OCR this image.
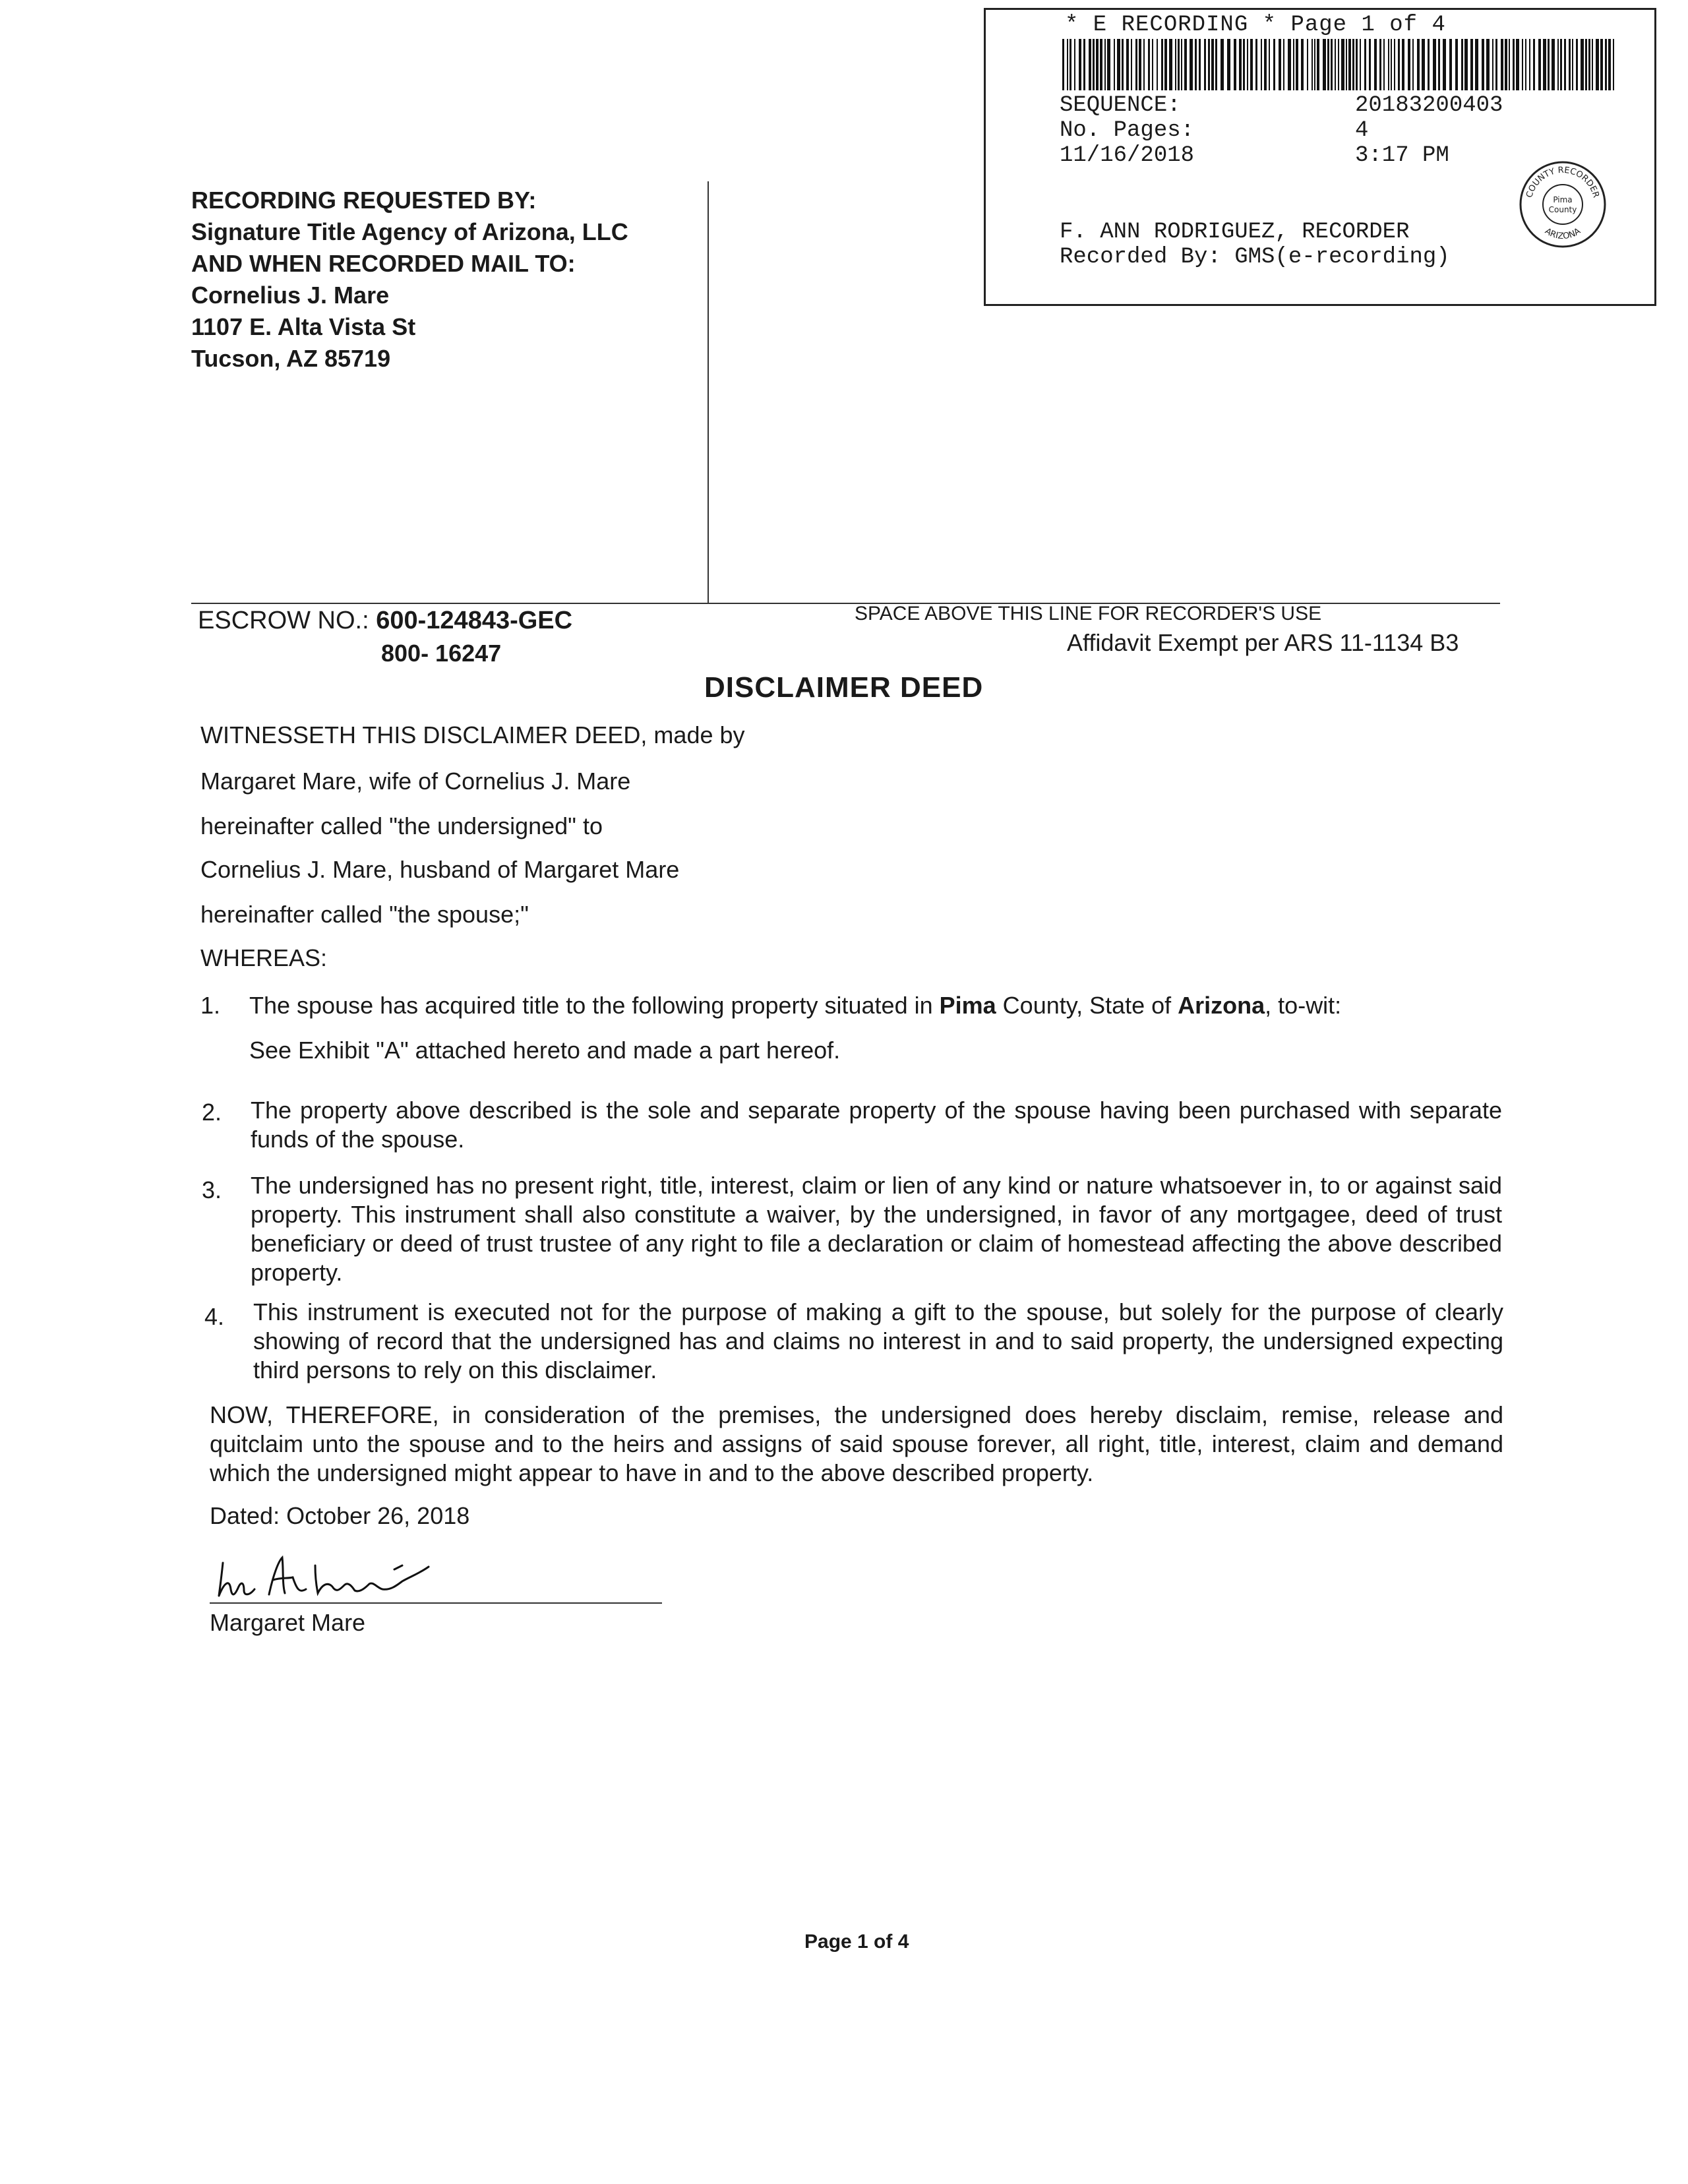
* E RECORDING * Page 1 of 4
SEQUENCE:	20183200403
No. Pages:	4
11/16/2018	3:17 PM
F. ANN RODRIGUEZ, RECORDER
Recorded By: GMS(e-recording)
COUNTY RECORDER
ARIZONA
Pima
County
RECORDING REQUESTED BY:
Signature Title Agency of Arizona, LLC
AND WHEN RECORDED MAIL TO:
Cornelius J. Mare
1107 E. Alta Vista St
Tucson, AZ 85719
ESCROW NO.: 600-124843-GEC
800- 16247
SPACE ABOVE THIS LINE FOR RECORDER'S USE
Affidavit Exempt per ARS 11-1134 B3
DISCLAIMER DEED
WITNESSETH THIS DISCLAIMER DEED, made by
Margaret Mare, wife of Cornelius J. Mare
hereinafter called "the undersigned" to
Cornelius J. Mare, husband of Margaret Mare
hereinafter called "the spouse;"
WHEREAS:
1. The spouse has acquired title to the following property situated in Pima County, State of Arizona, to-wit:
See Exhibit "A" attached hereto and made a part hereof.
2. The property above described is the sole and separate property of the spouse having been purchased with separate funds of the spouse.
3. The undersigned has no present right, title, interest, claim or lien of any kind or nature whatsoever in, to or against said property. This instrument shall also constitute a waiver, by the undersigned, in favor of any mortgagee, deed of trust beneficiary or deed of trust trustee of any right to file a declaration or claim of homestead affecting the above described property.
4. This instrument is executed not for the purpose of making a gift to the spouse, but solely for the purpose of clearly showing of record that the undersigned has and claims no interest in and to said property, the undersigned expecting third persons to rely on this disclaimer.
NOW, THEREFORE, in consideration of the premises, the undersigned does hereby disclaim, remise, release and quitclaim unto the spouse and to the heirs and assigns of said spouse forever, all right, title, interest, claim and demand which the undersigned might appear to have in and to the above described property.
Dated: October 26, 2018
Margaret Mare
Page 1 of 4
